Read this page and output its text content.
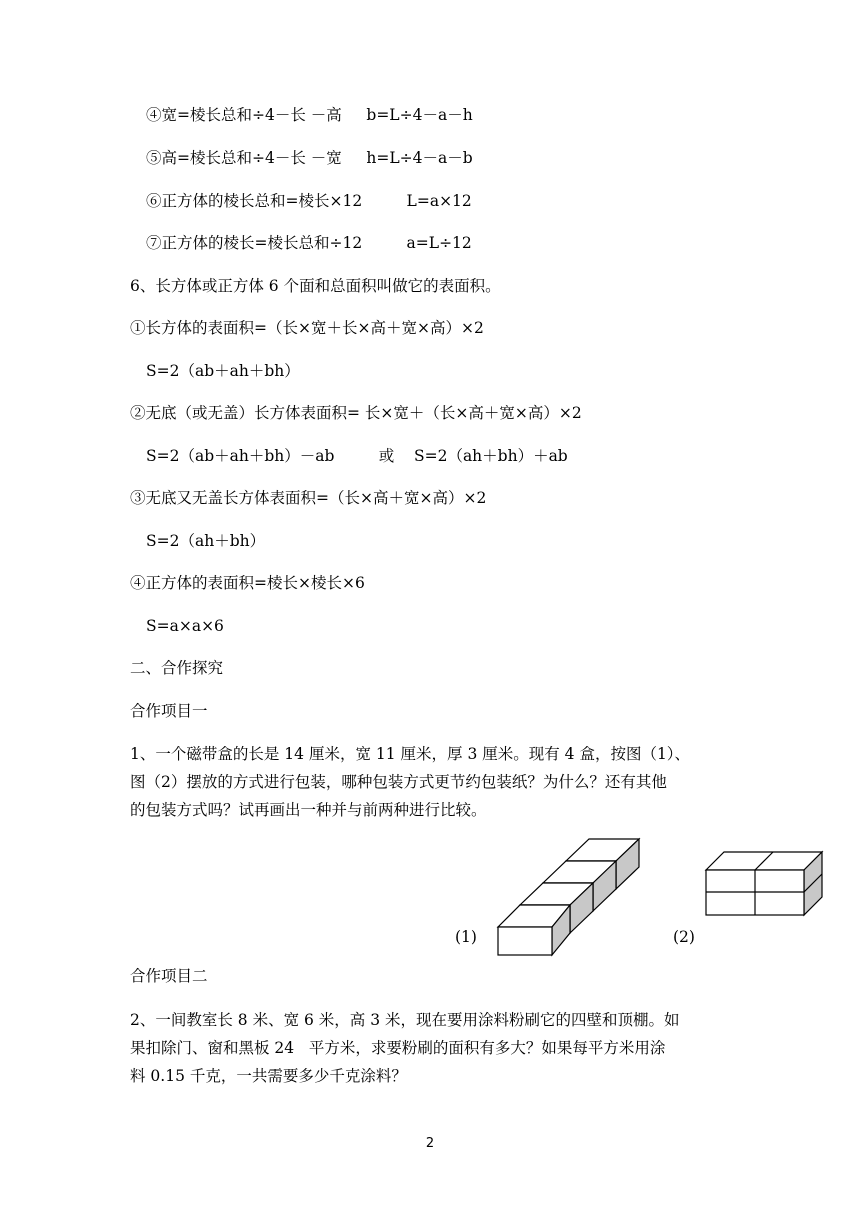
④宽=棱长总和÷4－长 －高     b=L÷4－a－h
⑤高=棱长总和÷4－长 －宽     h=L÷4－a－b
⑥正方体的棱长总和=棱长×12         L=a×12
⑦正方体的棱长=棱长总和÷12         a=L÷12
6、长方体或正方体 6 个面和总面积叫做它的表面积。
①长方体的表面积=（长×宽＋长×高＋宽×高）×2
S=2（ab＋ah＋bh）
②无底（或无盖）长方体表面积= 长×宽＋（长×高＋宽×高）×2
S=2（ab＋ah＋bh）－ab         或    S=2（ah＋bh）＋ab
③无底又无盖长方体表面积=（长×高＋宽×高）×2
S=2（ah＋bh）
④正方体的表面积=棱长×棱长×6
S=a×a×6
二、合作探究
合作项目一
1、一个磁带盒的长是 14 厘米，宽 11 厘米，厚 3 厘米。现有 4 盒，按图（1）、
图（2）摆放的方式进行包装，哪种包装方式更节约包装纸？为什么？还有其他
的包装方式吗？试再画出一种并与前两种进行比较。
(1)	(2)
合作项目二
2、一间教室长 8 米、宽 6 米，高 3 米，现在要用涂料粉刷它的四壁和顶棚。如
果扣除门、窗和黑板 24   平方米，求要粉刷的面积有多大？如果每平方米用涂
料 0.15 千克，一共需要多少千克涂料？
2
